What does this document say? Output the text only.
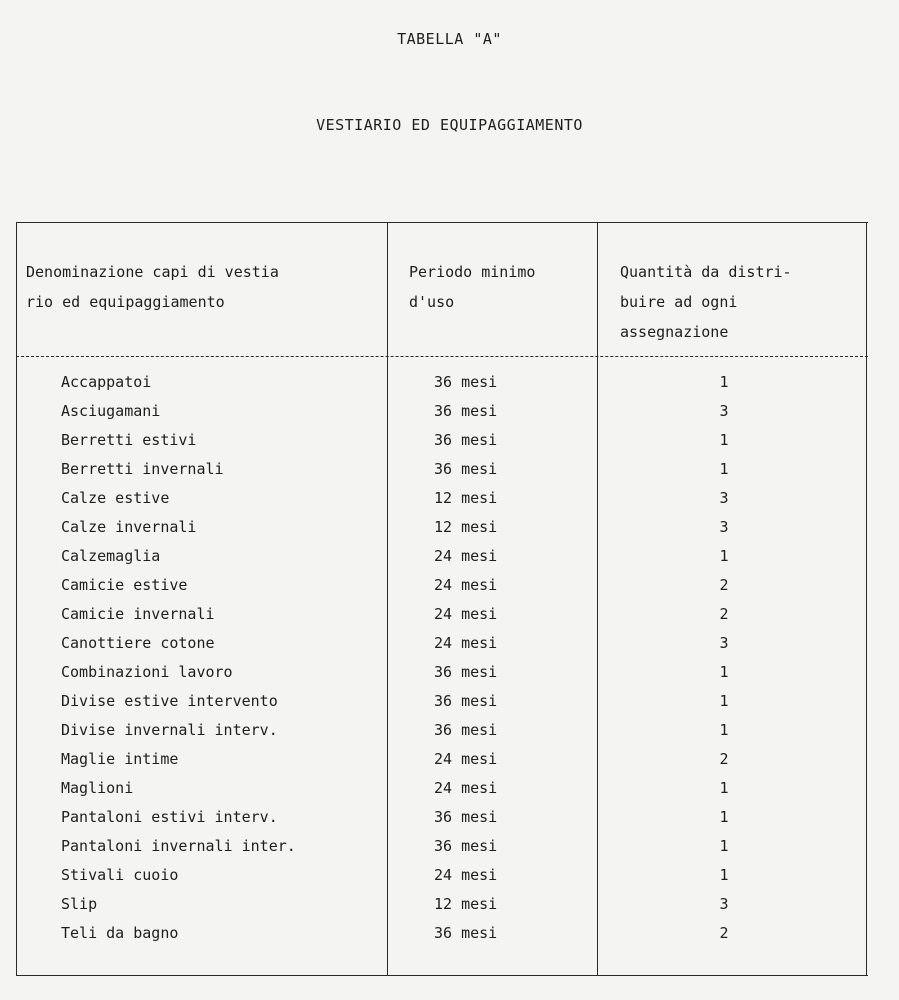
TABELLA "A"
VESTIARIO ED EQUIPAGGIAMENTO
Denominazione capi di vestia
rio ed equipaggiamento
Periodo minimo
d'uso
Quantità da distri-
buire ad ogni
assegnazione
Accappatoi	36 mesi	1
Asciugamani	36 mesi	3
Berretti estivi	36 mesi	1
Berretti invernali	36 mesi	1
Calze estive	12 mesi	3
Calze invernali	12 mesi	3
Calzemaglia	24 mesi	1
Camicie estive	24 mesi	2
Camicie invernali	24 mesi	2
Canottiere cotone	24 mesi	3
Combinazioni lavoro	36 mesi	1
Divise estive intervento	36 mesi	1
Divise invernali interv.	36 mesi	1
Maglie intime	24 mesi	2
Maglioni	24 mesi	1
Pantaloni estivi interv.	36 mesi	1
Pantaloni invernali inter.	36 mesi	1
Stivali cuoio	24 mesi	1
Slip	12 mesi	3
Teli da bagno	36 mesi	2
